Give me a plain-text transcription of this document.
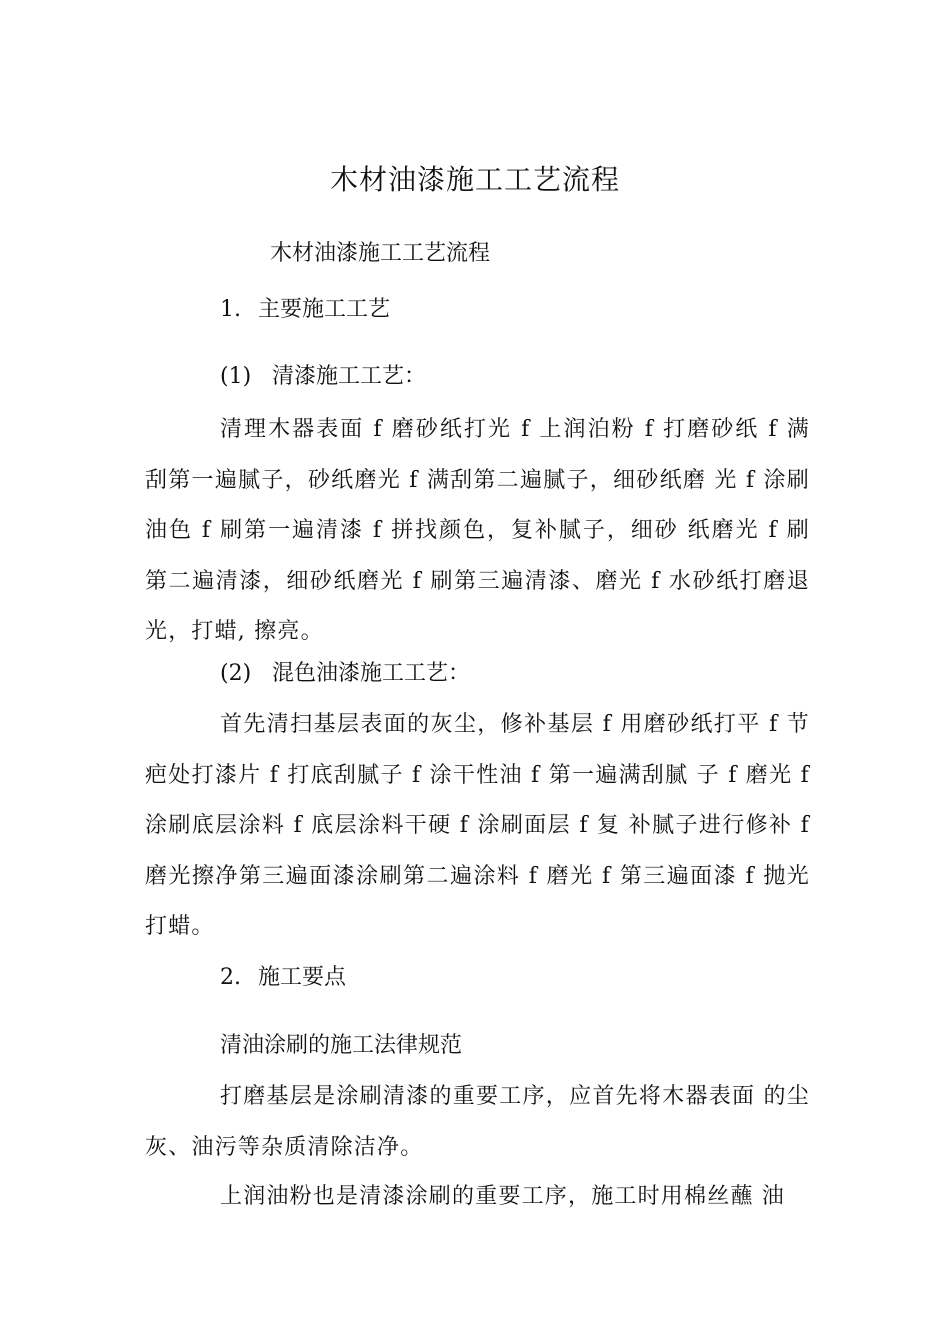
木材油漆施工工艺流程
木材油漆施工工艺流程
1. 主要施工工艺
(1) 清漆施工工艺：
清理木器表面 f 磨砂纸打光 f 上润泊粉 f 打磨砂纸 f 满刮第一遍腻子，砂纸磨光 f 满刮第二遍腻子，细砂纸磨 光 f 涂刷油色 f 刷第一遍清漆 f 拼找颜色，复补腻子，细砂 纸磨光 f 刷第二遍清漆，细砂纸磨光 f 刷第三遍清漆、磨光 f 水砂纸打磨退光，打蜡, 擦亮。
(2) 混色油漆施工工艺：
首先清扫基层表面的灰尘，修补基层 f 用磨砂纸打平 f 节疤处打漆片 f 打底刮腻子 f 涂干性油 f 第一遍满刮腻 子 f 磨光 f 涂刷底层涂料 f 底层涂料干硬 f 涂刷面层 f 复 补腻子进行修补 f 磨光擦净第三遍面漆涂刷第二遍涂料 f 磨光 f 第三遍面漆 f 抛光打蜡。
2. 施工要点
清油涂刷的施工法律规范
打磨基层是涂刷清漆的重要工序，应首先将木器表面 的尘灰、油污等杂质清除洁净。
上润油粉也是清漆涂刷的重要工序，施工时用棉丝蘸 油
